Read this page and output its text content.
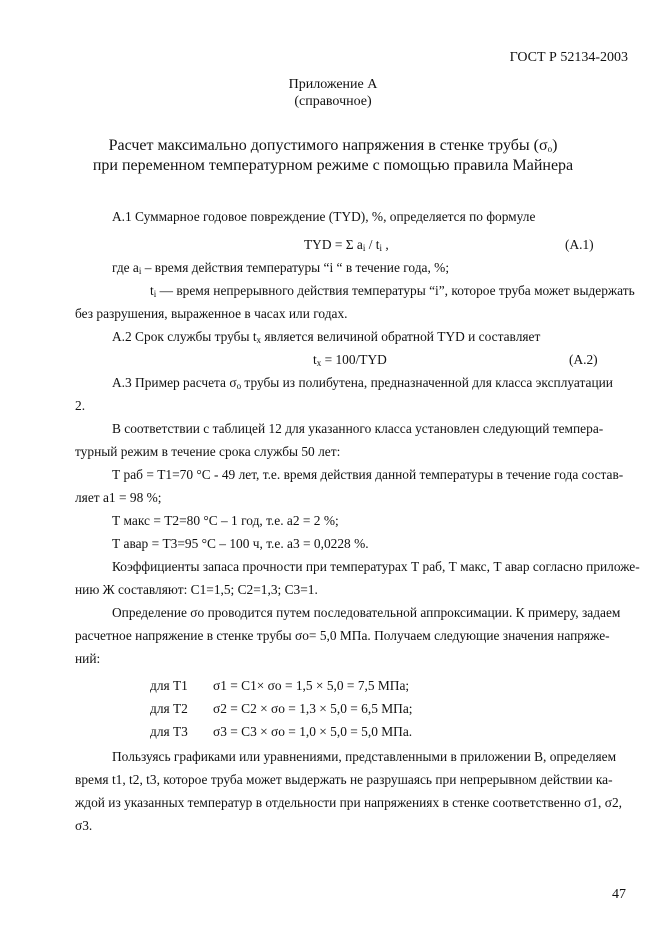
ГОСТ Р 52134-2003
Приложение А
(справочное)
Расчет максимально допустимого напряжения в стенке трубы $(\sigma_о)$
при переменном температурном режиме с помощью правила Майнера
А.1 Суммарное годовое повреждение (TYD), %, определяется по формуле
TYD = Σ $a_i / t_i$ ,	(А.1)
где $a_i$ – время действия температуры “i “ в течение года, %;
$t_i$ — время непрерывного действия температуры “i”, которое труба может выдержать
без разрушения, выраженное в часах или годах.
А.2 Срок службы трубы $t_x$ является величиной обратной TYD и составляет
$t_x = 100/TYD$	(А.2)
А.3 Пример расчета $\sigma_o$ трубы из полибутена, предназначенной для класса эксплуатации
2.
В соответствии с таблицей 12 для указанного класса установлен следующий темпера-
турный режим в течение срока службы 50 лет:
Т раб = Т1=70 °С - 49 лет, т.е. время действия данной температуры в течение года состав-
ляет a1 = 98 %;
Т макс = Т2=80 °С – 1 год, т.е. a2 = 2 %;
Т авар = Т3=95 °С – 100 ч, т.е. a3 = 0,0228 %.
Коэффициенты запаса прочности при температурах Т раб, Т макс, Т авар согласно приложе-
нию Ж составляют: С1=1,5; С2=1,3; С3=1.
Определение σо проводится путем последовательной аппроксимации. К примеру, задаем
расчетное напряжение в стенке трубы σо= 5,0 МПа. Получаем следующие значения напряже-
ний:
для Т1 σ1 = С1× σо = 1,5 × 5,0 = 7,5 МПа;
для Т2 σ2 = С2 × σо = 1,3 × 5,0 = 6,5 МПа;
для Т3 σ3 = С3 × σо = 1,0 × 5,0 = 5,0 МПа.
Пользуясь графиками или уравнениями, представленными в приложении В, определяем
время t1, t2, t3, которое труба может выдержать не разрушаясь при непрерывном действии ка-
ждой из указанных температур в отдельности при напряжениях в стенке соответственно σ1, σ2,
σ3.
47
